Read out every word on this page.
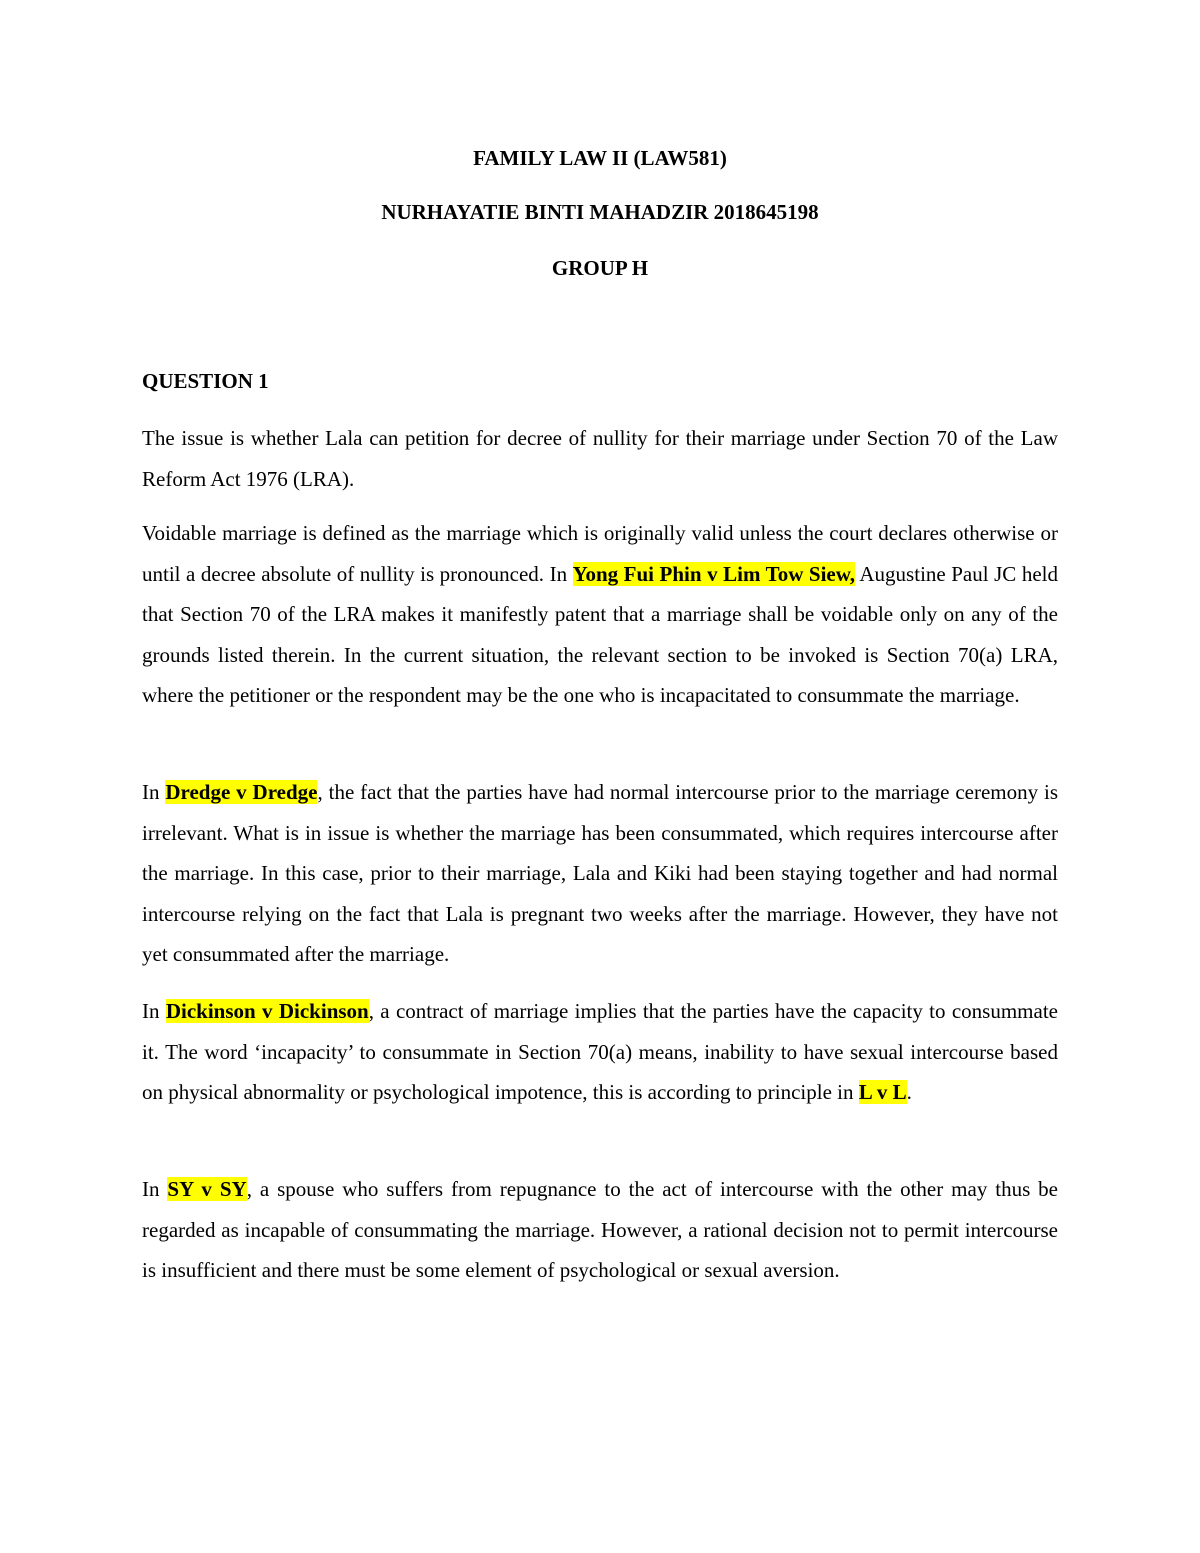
FAMILY LAW II (LAW581)
NURHAYATIE BINTI MAHADZIR 2018645198
GROUP H
QUESTION 1

The issue is whether Lala can petition for decree of nullity for their marriage under Section 70 of the Law Reform Act 1976 (LRA).

Voidable marriage is defined as the marriage which is originally valid unless the court declares otherwise or until a decree absolute of nullity is pronounced. In Yong Fui Phin v Lim Tow Siew, Augustine Paul JC held that Section 70 of the LRA makes it manifestly patent that a marriage shall be voidable only on any of the grounds listed therein. In the current situation, the relevant section to be invoked is Section 70(a) LRA, where the petitioner or the respondent may be the one who is incapacitated to consummate the marriage.

In Dredge v Dredge, the fact that the parties have had normal intercourse prior to the marriage ceremony is irrelevant. What is in issue is whether the marriage has been consummated, which requires intercourse after the marriage. In this case, prior to their marriage, Lala and Kiki had been staying together and had normal intercourse relying on the fact that Lala is pregnant two weeks after the marriage. However, they have not yet consummated after the marriage.

In Dickinson v Dickinson, a contract of marriage implies that the parties have the capacity to consummate it. The word ‘incapacity’ to consummate in Section 70(a) means, inability to have sexual intercourse based on physical abnormality or psychological impotence, this is according to principle in L v L.

In SY v SY, a spouse who suffers from repugnance to the act of intercourse with the other may thus be regarded as incapable of consummating the marriage. However, a rational decision not to permit intercourse is insufficient and there must be some element of psychological or sexual aversion.
